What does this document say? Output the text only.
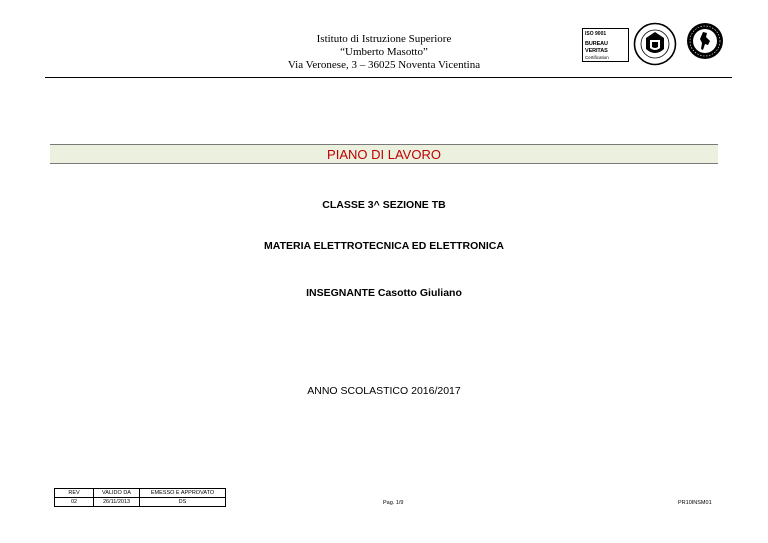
Istituto di Istruzione Superiore
“Umberto Masotto”
Via Veronese, 3 – 36025 Noventa Vicentina
ISO 9001
BUREAU VERITAS
Certification
PIANO DI LAVORO
CLASSE 3^ SEZIONE TB
MATERIA ELETTROTECNICA ED ELETTRONICA
INSEGNANTE Casotto Giuliano
ANNO SCOLASTICO 2016/2017
REV	VALIDO DA	EMESSO E APPROVATO
02	26/11/2013	DS	Pag. 1/9	PR10INSM01
